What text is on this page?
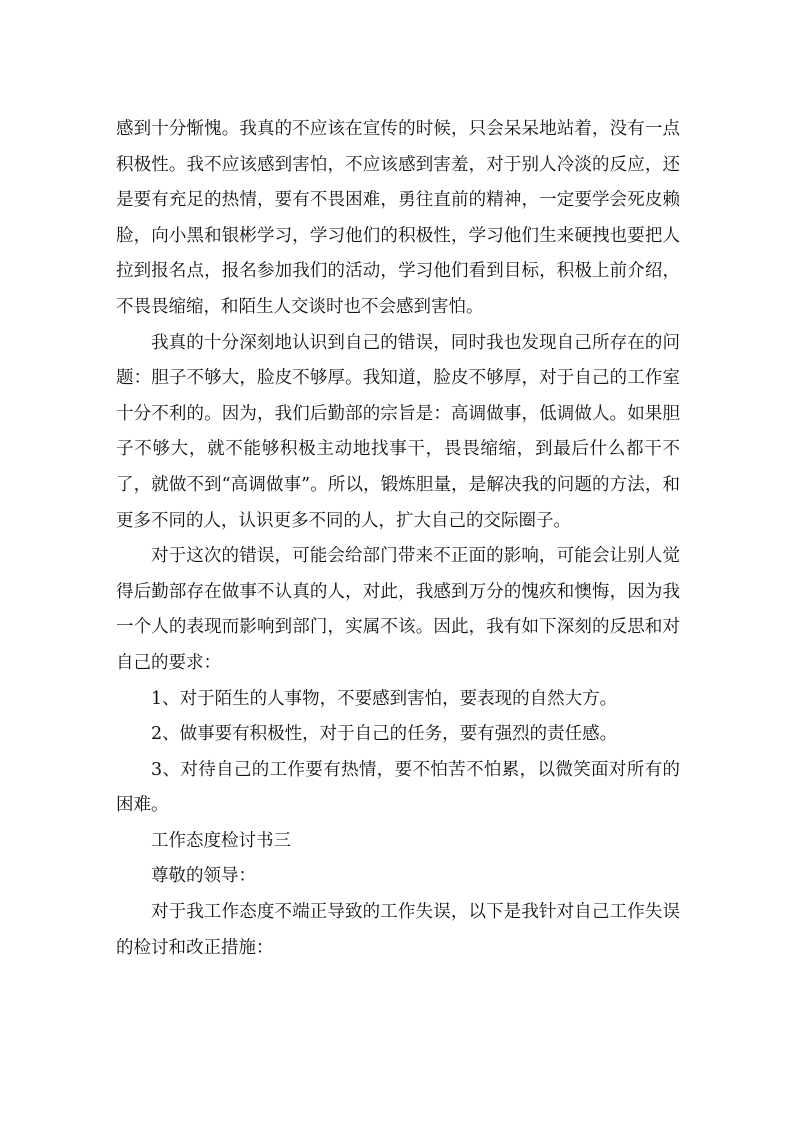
感到十分惭愧。我真的不应该在宣传的时候，只会呆呆地站着，没有一点积极性。我不应该感到害怕，不应该感到害羞，对于别人冷淡的反应，还是要有充足的热情，要有不畏困难，勇往直前的精神，一定要学会死皮赖脸，向小黑和银彬学习，学习他们的积极性，学习他们生来硬拽也要把人拉到报名点，报名参加我们的活动，学习他们看到目标，积极上前介绍，不畏畏缩缩，和陌生人交谈时也不会感到害怕。

我真的十分深刻地认识到自己的错误，同时我也发现自己所存在的问题：胆子不够大，脸皮不够厚。我知道，脸皮不够厚，对于自己的工作室十分不利的。因为，我们后勤部的宗旨是：高调做事，低调做人。如果胆子不够大，就不能够积极主动地找事干，畏畏缩缩，到最后什么都干不了，就做不到“高调做事”。所以，锻炼胆量，是解决我的问题的方法，和更多不同的人，认识更多不同的人，扩大自己的交际圈子。

对于这次的错误，可能会给部门带来不正面的影响，可能会让别人觉得后勤部存在做事不认真的人，对此，我感到万分的愧疚和懊悔，因为我一个人的表现而影响到部门，实属不该。因此，我有如下深刻的反思和对自己的要求：

1、对于陌生的人事物，不要感到害怕，要表现的自然大方。

2、做事要有积极性，对于自己的任务，要有强烈的责任感。

3、对待自己的工作要有热情，要不怕苦不怕累，以微笑面对所有的困难。

工作态度检讨书三

尊敬的领导：

对于我工作态度不端正导致的工作失误，以下是我针对自己工作失误的检讨和改正措施：
